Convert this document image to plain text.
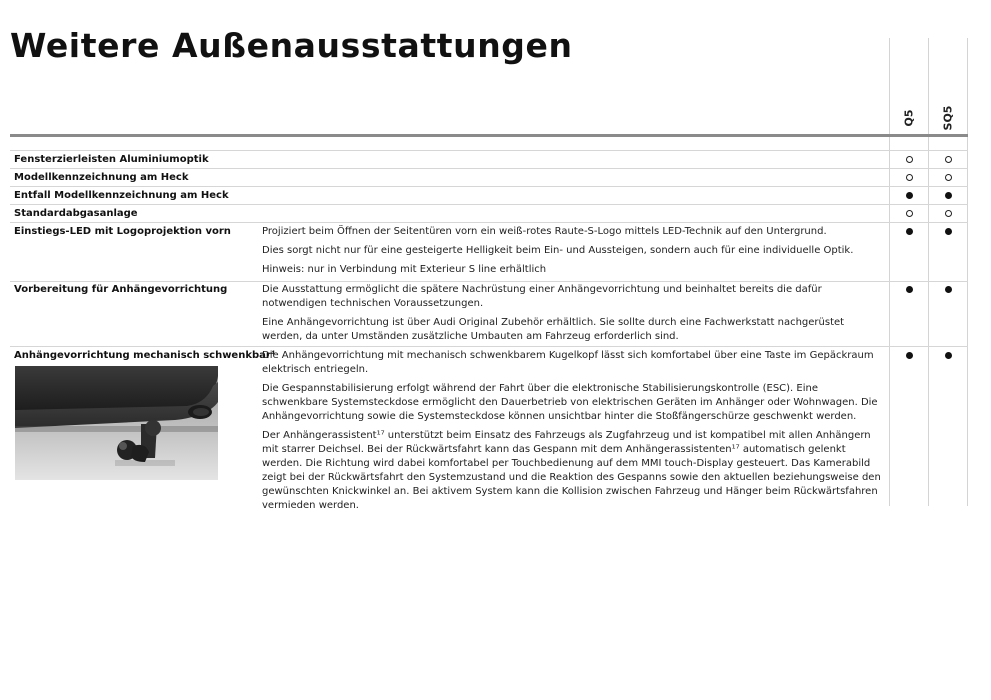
Weitere Außenausstattungen
Q5 SQ5
Fensterzierleisten Aluminiumoptik
Modellkennzeichnung am Heck
Entfall Modellkennzeichnung am Heck
Standardabgasanlage
Einstiegs-LED mit Logoprojektion vorn	Projiziert beim Öffnen der Seitentüren vorn ein weiß-rotes Raute-S-Logo mittels LED-Technik auf den Untergrund.

Dies sorgt nicht nur für eine gesteigerte Helligkeit beim Ein- und Aussteigen, sondern auch für eine individuelle Optik.

Hinweis: nur in Verbindung mit Exterieur S line erhältlich

Vorbereitung für Anhängevorrichtung	Die Ausstattung ermöglicht die spätere Nachrüstung einer Anhängevorrichtung und beinhaltet bereits die dafür notwendigen technischen Voraussetzungen.

Eine Anhängevorrichtung ist über Audi Original Zubehör erhältlich. Sie sollte durch eine Fachwerkstatt nachgerüstet werden, da unter Umständen zusätzliche Umbauten am Fahrzeug erforderlich sind.

Anhängevorrichtung mechanisch schwenkbar⁴

Die Anhängevorrichtung mit mechanisch schwenkbarem Kugelkopf lässt sich komfortabel über eine Taste im Gepäckraum elektrisch entriegeln.

Die Gespannstabilisierung erfolgt während der Fahrt über die elektronische Stabilisierungskontrolle (ESC). Eine schwenkbare Systemsteckdose ermöglicht den Dauerbetrieb von elektrischen Geräten im Anhänger oder Wohnwagen. Die Anhängevorrichtung sowie die Systemsteckdose können unsichtbar hinter die Stoßfängerschürze geschwenkt werden.

Der Anhängerassistent¹⁷ unterstützt beim Einsatz des Fahrzeugs als Zugfahrzeug und ist kompatibel mit allen Anhängern mit starrer Deichsel. Bei der Rückwärtsfahrt kann das Gespann mit dem Anhängerassistenten¹⁷ automatisch gelenkt werden. Die Richtung wird dabei komfortabel per Touchbedienung auf dem MMI touch-Display gesteuert. Das Kamerabild zeigt bei der Rückwärtsfahrt den Systemzustand und die Reaktion des Gespanns sowie den aktuellen beziehungsweise den gewünschten Knickwinkel an. Bei aktivem System kann die Kollision zwischen Fahrzeug und Hänger beim Rückwärtsfahren vermieden werden.
